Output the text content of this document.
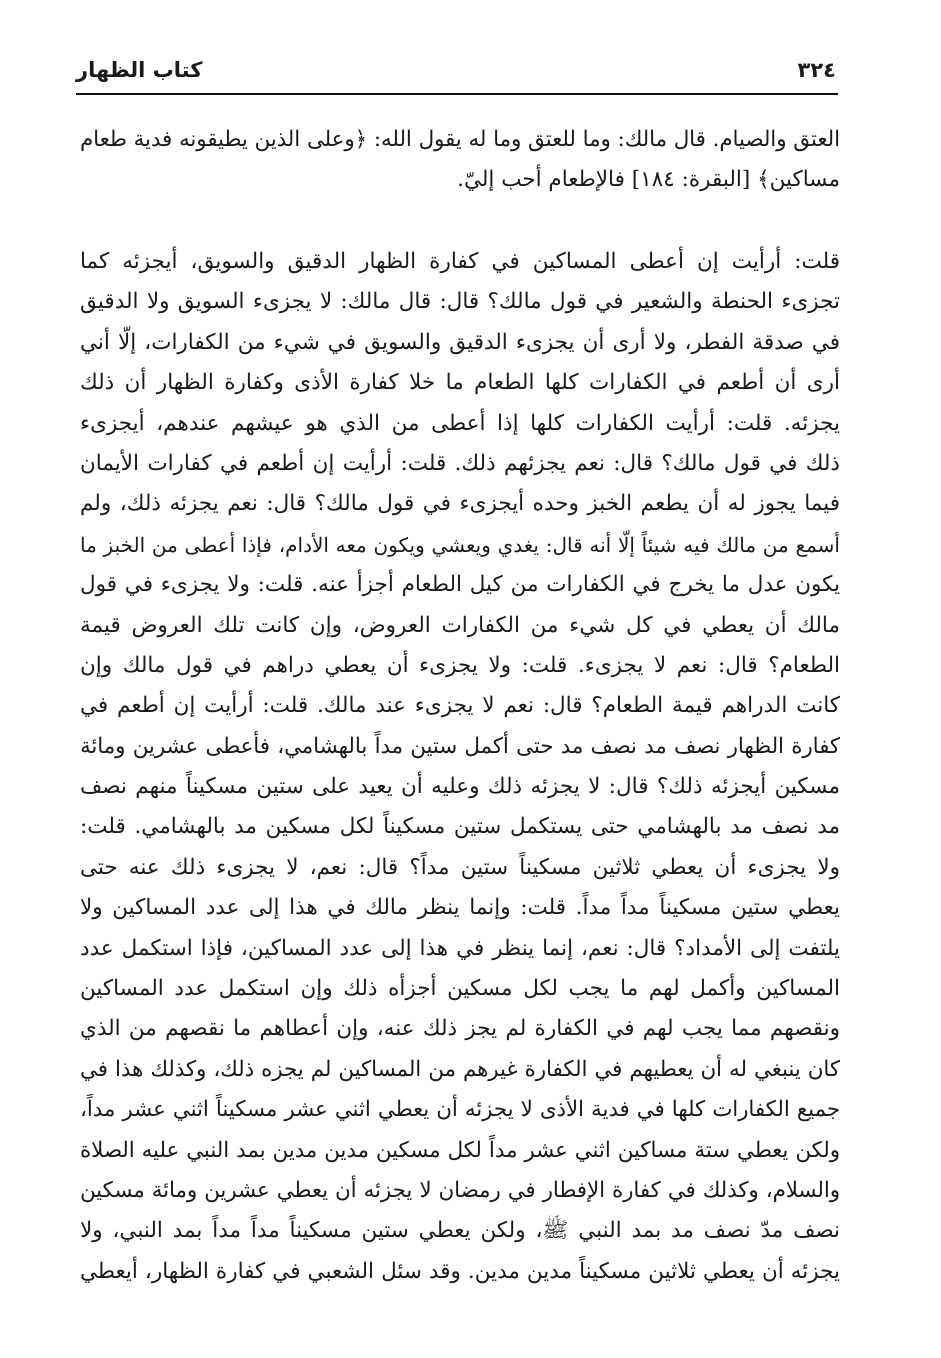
٣٢٤
كتاب الظهار
العتق والصيام. قال مالك: وما للعتق وما له يقول الله: ﴿وعلى الذين يطيقونه فدية طعام
مساكين﴾ [البقرة: ١٨٤] فالإطعام أحب إليّ.
قلت: أرأيت إن أعطى المساكين في كفارة الظهار الدقيق والسويق، أيجزئه كما
تجزىء الحنطة والشعير في قول مالك؟ قال: قال مالك: لا يجزىء السويق ولا الدقيق
في صدقة الفطر، ولا أرى أن يجزىء الدقيق والسويق في شيء من الكفارات، إلّا أني
أرى أن أطعم في الكفارات كلها الطعام ما خلا كفارة الأذى وكفارة الظهار أن ذلك
يجزئه. قلت: أرأيت الكفارات كلها إذا أعطى من الذي هو عيشهم عندهم، أيجزىء
ذلك في قول مالك؟ قال: نعم يجزئهم ذلك. قلت: أرأيت إن أطعم في كفارات الأيمان
فيما يجوز له أن يطعم الخبز وحده أيجزىء في قول مالك؟ قال: نعم يجزئه ذلك، ولم
أسمع من مالك فيه شيئاً إلّا أنه قال: يغدي ويعشي ويكون معه الأدام، فإذا أعطى من الخبز ما
يكون عدل ما يخرج في الكفارات من كيل الطعام أجزأ عنه. قلت: ولا يجزىء في قول
مالك أن يعطي في كل شيء من الكفارات العروض، وإن كانت تلك العروض قيمة
الطعام؟ قال: نعم لا يجزىء. قلت: ولا يجزىء أن يعطي دراهم في قول مالك وإن
كانت الدراهم قيمة الطعام؟ قال: نعم لا يجزىء عند مالك. قلت: أرأيت إن أطعم في
كفارة الظهار نصف مد نصف مد حتى أكمل ستين مداً بالهشامي، فأعطى عشرين ومائة
مسكين أيجزئه ذلك؟ قال: لا يجزئه ذلك وعليه أن يعيد على ستين مسكيناً منهم نصف
مد نصف مد بالهشامي حتى يستكمل ستين مسكيناً لكل مسكين مد بالهشامي. قلت:
ولا يجزىء أن يعطي ثلاثين مسكيناً ستين مداً؟ قال: نعم، لا يجزىء ذلك عنه حتى
يعطي ستين مسكيناً مداً مداً. قلت: وإنما ينظر مالك في هذا إلى عدد المساكين ولا
يلتفت إلى الأمداد؟ قال: نعم، إنما ينظر في هذا إلى عدد المساكين، فإذا استكمل عدد
المساكين وأكمل لهم ما يجب لكل مسكين أجزأه ذلك وإن استكمل عدد المساكين
ونقصهم مما يجب لهم في الكفارة لم يجز ذلك عنه، وإن أعطاهم ما نقصهم من الذي
كان ينبغي له أن يعطيهم في الكفارة غيرهم من المساكين لم يجزه ذلك، وكذلك هذا في
جميع الكفارات كلها في فدية الأذى لا يجزئه أن يعطي اثني عشر مسكيناً اثني عشر مداً،
ولكن يعطي ستة مساكين اثني عشر مداً لكل مسكين مدين مدين بمد النبي عليه الصلاة
والسلام، وكذلك في كفارة الإفطار في رمضان لا يجزئه أن يعطي عشرين ومائة مسكين
نصف مدّ نصف مد بمد النبي ﷺ، ولكن يعطي ستين مسكيناً مداً مداً بمد النبي، ولا
يجزئه أن يعطي ثلاثين مسكيناً مدين مدين. وقد سئل الشعبي في كفارة الظهار، أيعطي
